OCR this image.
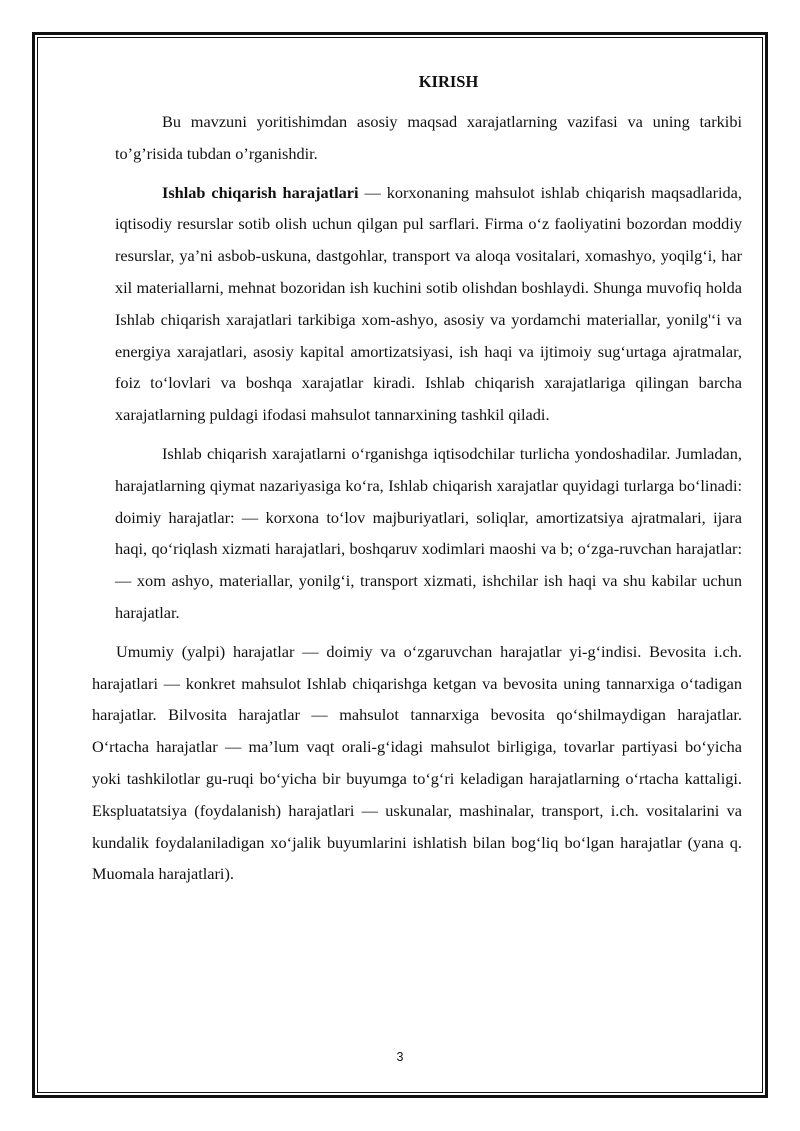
KIRISH

Bu mavzuni yoritishimdan asosiy maqsad xarajatlarning vazifasi va uning tarkibi to’g’risida tubdan o’rganishdir.

Ishlab chiqarish harajatlari — korxonaning mahsulot ishlab chiqarish maqsadlarida, iqtisodiy resurslar sotib olish uchun qilgan pul sarflari. Firma o‘z faoliyatini bozordan moddiy resurslar, ya’ni asbob-uskuna, dastgohlar, transport va aloqa vositalari, xomashyo, yoqilg‘i, har xil materiallarni, mehnat bozoridan ish kuchini sotib olishdan boshlaydi. Shunga muvofiq holda Ishlab chiqarish xarajatlari tarkibiga xom-ashyo, asosiy va yordamchi materiallar, yonilg'‘i va energiya xarajatlari, asosiy kapital amortizatsiyasi, ish haqi va ijtimoiy sug‘urtaga ajratmalar, foiz to‘lovlari va boshqa xarajatlar kiradi. Ishlab chiqarish xarajatlariga qilingan barcha xarajatlarning puldagi ifodasi mahsulot tannarxining tashkil qiladi.

Ishlab chiqarish xarajatlarni o‘rganishga iqtisodchilar turlicha yondoshadilar. Jumladan, harajatlarning qiymat nazariyasiga ko‘ra, Ishlab chiqarish xarajatlar quyidagi turlarga bo‘linadi: doimiy harajatlar: — korxona to‘lov majburiyatlari, soliqlar, amortizatsiya ajratmalari, ijara haqi, qo‘riqlash xizmati harajatlari, boshqaruv xodimlari maoshi va b; o‘zga-ruvchan harajatlar: — xom ashyo, materiallar, yonilg‘i, transport xizmati, ishchilar ish haqi va shu kabilar uchun harajatlar.

Umumiy (yalpi) harajatlar — doimiy va o‘zgaruvchan harajatlar yi-g‘indisi. Bevosita i.ch. harajatlari — konkret mahsulot Ishlab chiqarishga ketgan va bevosita uning tannarxiga o‘tadigan harajatlar. Bilvosita harajatlar — mahsulot tannarxiga bevosita qo‘shilmaydigan harajatlar. O‘rtacha harajatlar — ma’lum vaqt orali-g‘idagi mahsulot birligiga, tovarlar partiyasi bo‘yicha yoki tashkilotlar gu-ruqi bo‘yicha bir buyumga to‘g‘ri keladigan harajatlarning o‘rtacha kattaligi. Ekspluatatsiya (foydalanish) harajatlari — uskunalar, mashinalar, transport, i.ch. vositalarini va kundalik foydalaniladigan xo‘jalik buyumlarini ishlatish bilan bog‘liq bo‘lgan harajatlar (yana q. Muomala harajatlari).

3
